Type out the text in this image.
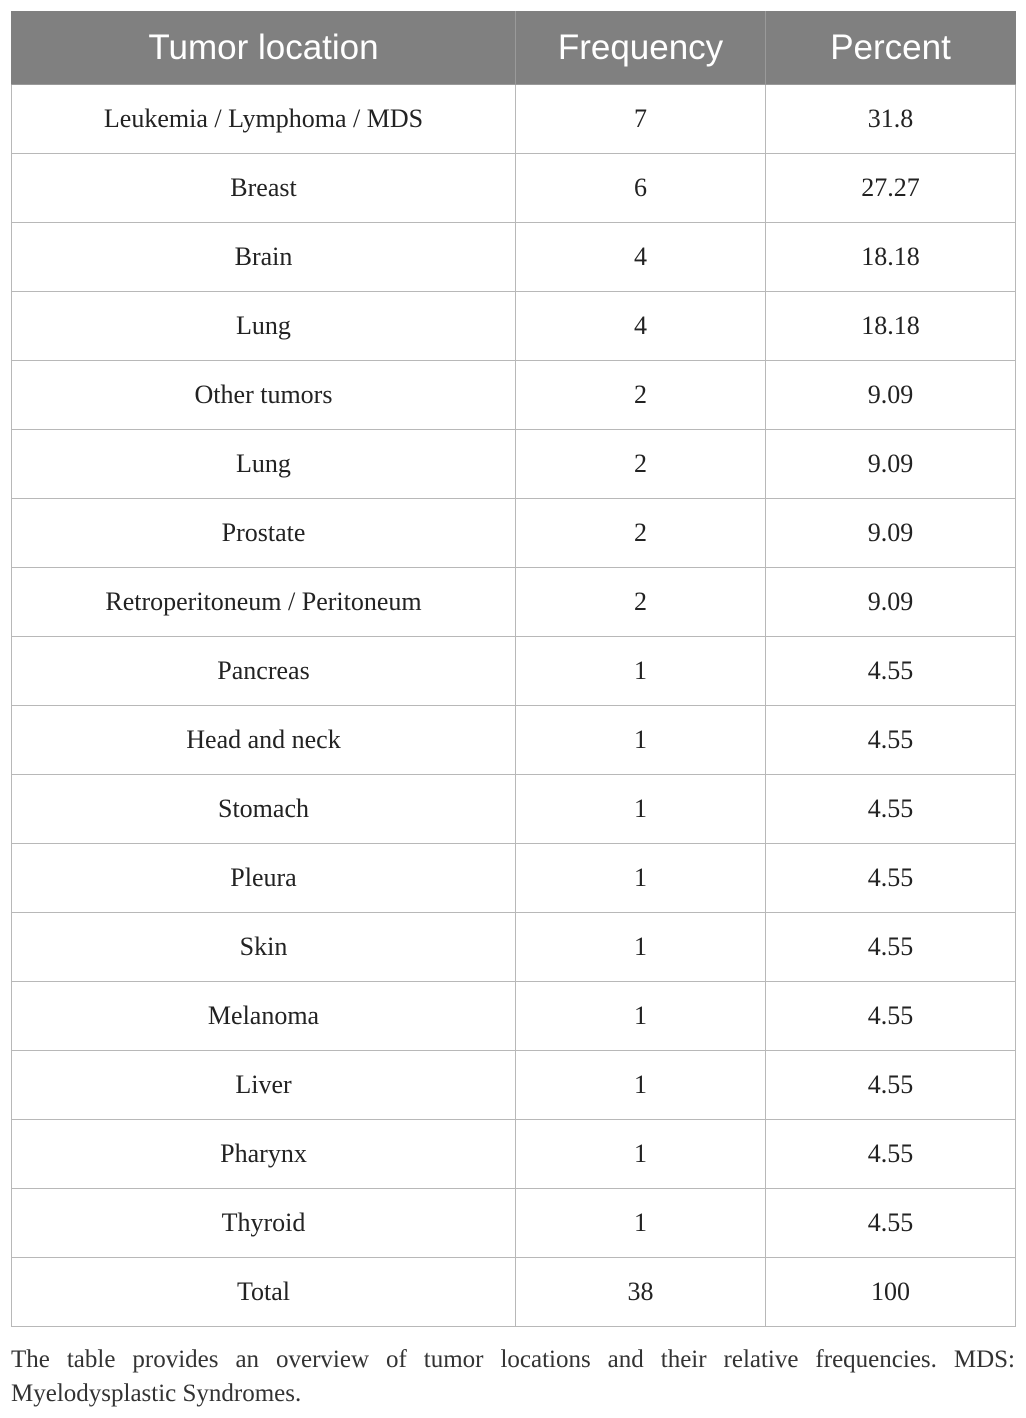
Tumor location	Frequency	Percent
Leukemia / Lymphoma / MDS	7	31.8
Breast	6	27.27
Brain	4	18.18
Lung	4	18.18
Other tumors	2	9.09
Lung	2	9.09
Prostate	2	9.09
Retroperitoneum / Peritoneum	2	9.09
Pancreas	1	4.55
Head and neck	1	4.55
Stomach	1	4.55
Pleura	1	4.55
Skin	1	4.55
Melanoma	1	4.55
Liver	1	4.55
Pharynx	1	4.55
Thyroid	1	4.55
Total	38	100

The table provides an overview of tumor locations and their relative frequencies. MDS: Myelodysplastic Syndromes.
